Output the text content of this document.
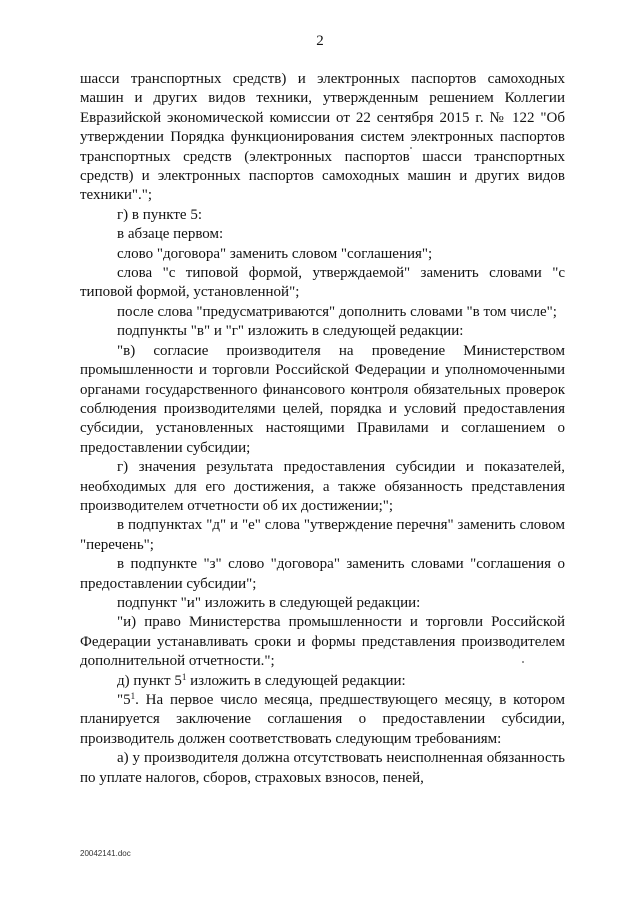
2

шасси транспортных средств) и электронных паспортов самоходных машин и других видов техники, утвержденным решением Коллегии Евразийской экономической комиссии от 22 сентября 2015 г. № 122 "Об утверждении Порядка функционирования систем электронных паспортов транспортных средств (электронных паспортов шасси транспортных средств) и электронных паспортов самоходных машин и других видов техники".";

г) в пункте 5:

в абзаце первом:

слово "договора" заменить словом "соглашения";

слова "с типовой формой, утверждаемой" заменить словами "с типовой формой, установленной";

после слова "предусматриваются" дополнить словами "в том числе";

подпункты "в" и "г" изложить в следующей редакции:

"в) согласие производителя на проведение Министерством промышленности и торговли Российской Федерации и уполномоченными органами государственного финансового контроля обязательных проверок соблюдения производителями целей, порядка и условий предоставления субсидии, установленных настоящими Правилами и соглашением о предоставлении субсидии;

г) значения результата предоставления субсидии и показателей, необходимых для его достижения, а также обязанность представления производителем отчетности об их достижении;";

в подпунктах "д" и "е" слова "утверждение перечня" заменить словом "перечень";

в подпункте "з" слово "договора" заменить словами "соглашения о предоставлении субсидии";

подпункт "и" изложить в следующей редакции:

"и) право Министерства промышленности и торговли Российской Федерации устанавливать сроки и формы представления производителем дополнительной отчетности.";

д) пункт $5^1$ изложить в следующей редакции:

"$5^1$. На первое число месяца, предшествующего месяцу, в котором планируется заключение соглашения о предоставлении субсидии, производитель должен соответствовать следующим требованиям:

а) у производителя должна отсутствовать неисполненная обязанность по уплате налогов, сборов, страховых взносов, пеней,

20042141.doc
